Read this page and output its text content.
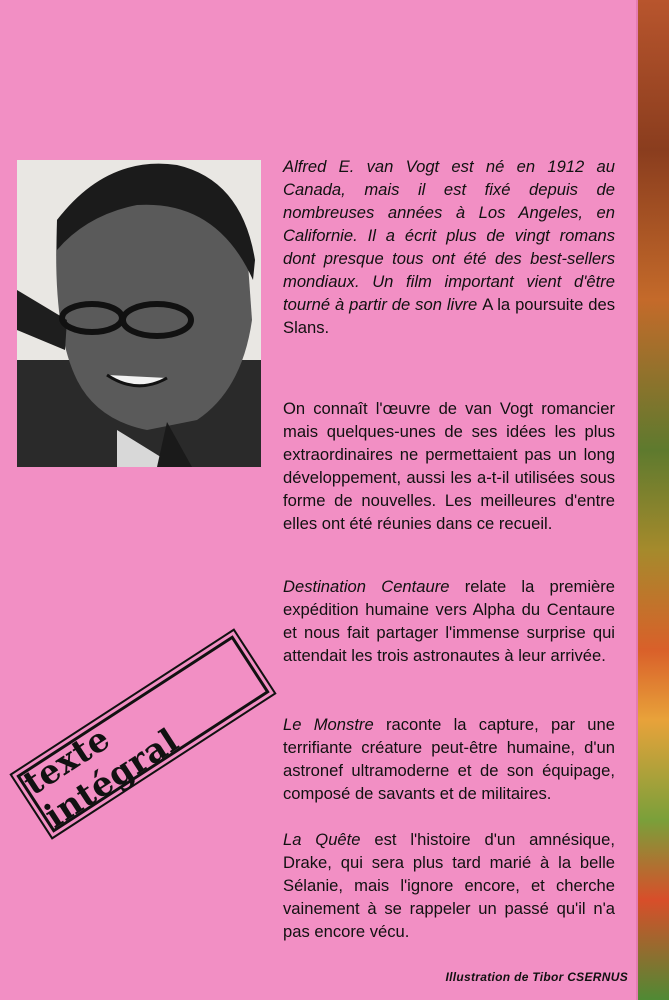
Alfred E. van Vogt est né en 1912 au Canada, mais il est fixé depuis de nombreuses années à Los Angeles, en Californie. Il a écrit plus de vingt romans dont presque tous ont été des best-sellers mondiaux. Un film important vient d'être tourné à partir de son livre A la poursuite des Slans.
On connaît l'œuvre de van Vogt romancier mais quelques-unes de ses idées les plus extraordinaires ne permettaient pas un long développement, aussi les a-t-il utilisées sous forme de nouvelles. Les meilleures d'entre elles ont été réunies dans ce recueil.
Destination Centaure relate la première expédition humaine vers Alpha du Centaure et nous fait partager l'immense surprise qui attendait les trois astronautes à leur arrivée.
Le Monstre raconte la capture, par une terrifiante créature peut-être humaine, d'un astronef ultramoderne et de son équipage, composé de savants et de militaires.
La Quête est l'histoire d'un amnésique, Drake, qui sera plus tard marié à la belle Sélanie, mais l'ignore encore, et cherche vainement à se rappeler un passé qu'il n'a pas encore vécu.
texte intégral
Illustration de Tibor CSERNUS
